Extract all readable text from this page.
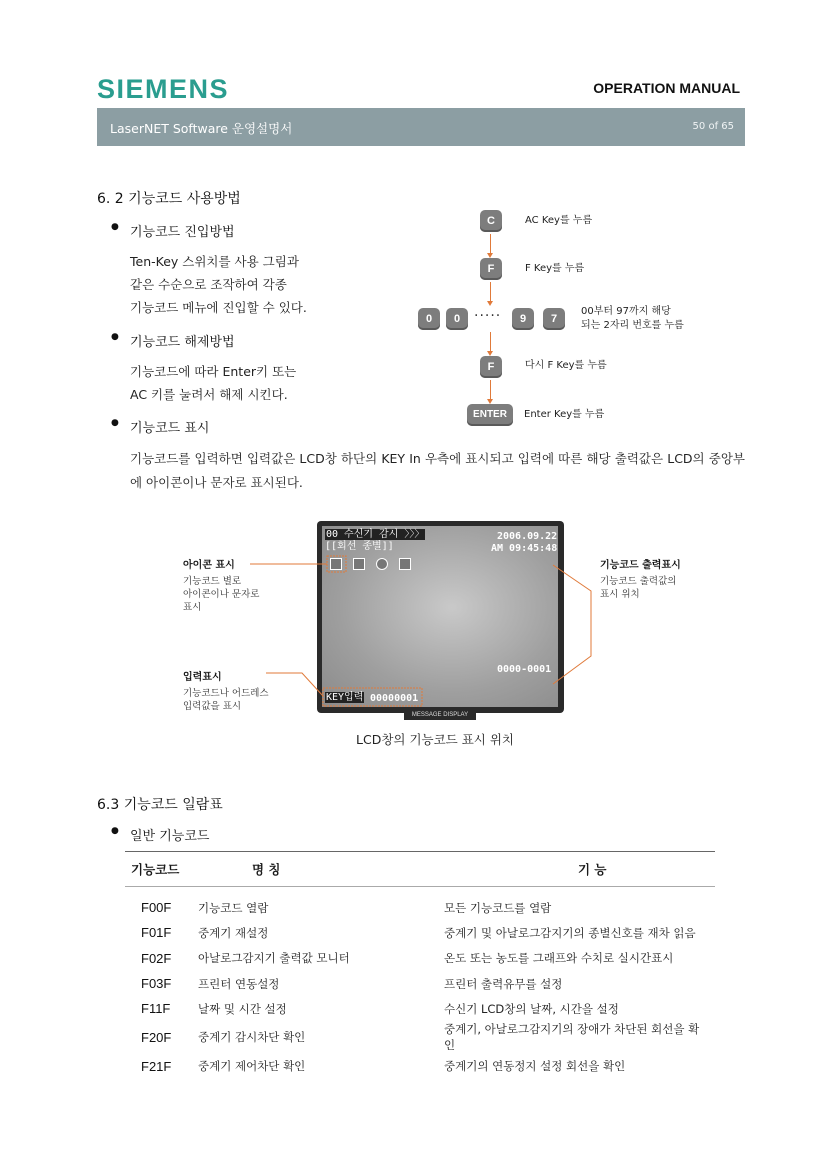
SIEMENS	OPERATION MANUAL
LaserNET Software 운영설명서	50 of 65
6. 2 기능코드 사용방법
● 기능코드 진입방법
Ten-Key 스위치를 사용 그림과
같은 수순으로 조작하여 각종
기능코드 메뉴에 진입할 수 있다.
● 기능코드 해제방법
기능코드에 따라 Enter키 또는
AC 키를 눌려서 해제 시킨다.
● 기능코드 표시
기능코드를 입력하면 입력값은 LCD창 하단의 KEY In 우측에 표시되고 입력에 따른 해당 출력값은 LCD의 중앙부에 아이콘이나 문자로 표시된다.
C	AC Key를 누름
F	F Key를 누름
0	0 ·····	9	7
00부터 97까지 해당
되는 2자리 번호를 누름
F	다시 F Key를 누름
ENTER	Enter Key를 누름
00 수신기 감시 〉〉〉	2006.09.22
[[회선 종별]]	AM 09:45:48
0000-0001
KEY입력 00000001
MESSAGE DISPLAY
아이콘 표시
기능코드 별로
아이콘이나 문자로
표시
기능코드 출력표시
기능코드 출력값의
표시 위치
입력표시
기능코드나 어드레스
입력값을 표시
LCD창의 기능코드 표시 위치
6.3 기능코드 일람표
● 일반 기능코드
기능코드	명 칭	기 능

F00F	기능코드 열람	모든 기능코드를 열람
F01F	중계기 재설정	중계기 및 아날로그감지기의 종별신호를 재차 읽음
F02F	아날로그감지기 출력값 모니터	온도 또는 농도를 그래프와 수치로 실시간표시
F03F	프린터 연동설정	프린터 출력유무를 설정
F11F	날짜 및 시간 설정	수신기 LCD창의 날짜, 시간을 설정
F20F	중계기 감시차단 확인	중계기, 아날로그감지기의 장애가 차단된 회선을 확인
F21F	중계기 제어차단 확인	중계기의 연동정지 설정 회선을 확인
